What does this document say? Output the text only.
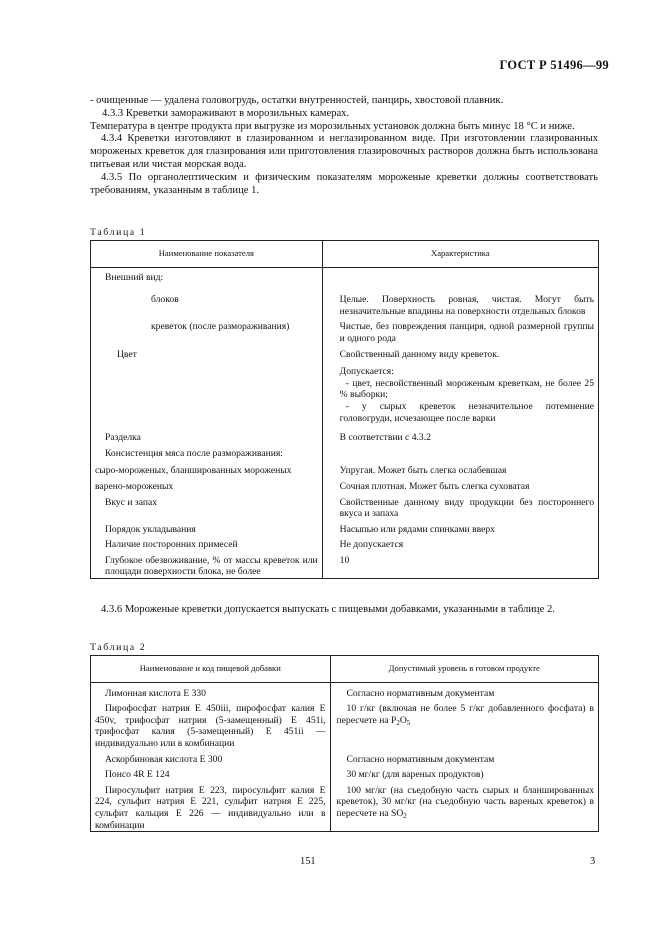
ГОСТ Р 51496—99

- очищенные — удалена головогрудь, остатки внутренностей, панцирь, хвостовой плавник.

4.3.3 Креветки замораживают в морозильных камерах.

Температура в центре продукта при выгрузке из морозильных установок должна быть минус 18 °С и ниже.

4.3.4 Креветки изготовляют в глазированном и неглазированном виде. При изготовлении глазированных мороженых креветок для глазирования или приготовления глазировочных растворов должна быть использована питьевая или чистая морская вода.

4.3.5 По органолептическим и физическим показателям мороженые креветки должны соответствовать требованиям, указанным в таблице 1.

Таблица 1
Наименование показателя	Характеристика

Внешний вид:	

блоков	Целые. Поверхность ровная, чистая. Могут быть незначительные впадины на поверхности отдельных блоков

креветок (после размораживания)	Чистые, без повреждения панциря, одной размерной группы и одного рода

Цвет	Свойственный данному виду креветок.

	Допускается:
- цвет, несвойственный мороженым креветкам, не более 25 % выборки;
- у сырых креветок незначительное потемнение головогруди, исчезающее после варки

Разделка	В соответствии с 4.3.2

Консистенция мяса после размораживания:	

сыро-мороженых, бланшированных мороженых	Упругая. Может быть слегка ослабевшая

варено-мороженых	Сочная плотная. Может быть слегка суховатая

Вкус и запах	Свойственные данному виду продукции без постороннего вкуса и запаха

Порядок укладывания	Насыпью или рядами спинками вверх

Наличие посторонних примесей	Не допускается

Глубокое обезвоживание, % от массы креветок или площади поверхности блока, не более	10

4.3.6 Мороженые креветки допускается выпускать с пищевыми добавками, указанными в таблице 2.

Таблица 2
Наименование и код пищевой добавки	Допустимый уровень в готовом продукте

Лимонная кислота Е 330	Согласно нормативным документам

Пирофосфат натрия Е 450iii, пирофосфат калия Е 450v, трифосфат натрия (5-замещенный) Е 451i, трифосфат калия (5-замещенный) Е 451ii — индивидуально или в комбинации	10 г/кг (включая не более 5 г/кг добавленного фосфата) в пересчете на $P_2O_5$

Аскорбиновая кислота Е 300	Согласно нормативным документам

Понсо 4R Е 124	30 мг/кг (для вареных продуктов)

Пиросульфит натрия Е 223, пиросульфит калия Е 224, сульфит натрия Е 221, сульфит натрия Е 225, сульфит кальция Е 226 — индивидуально или в комбинации	100 мг/кг (на съедобную часть сырых и бланшированных креветок), 30 мг/кг (на съедобную часть вареных креветок) в пересчете на $SO_2$
151	3
